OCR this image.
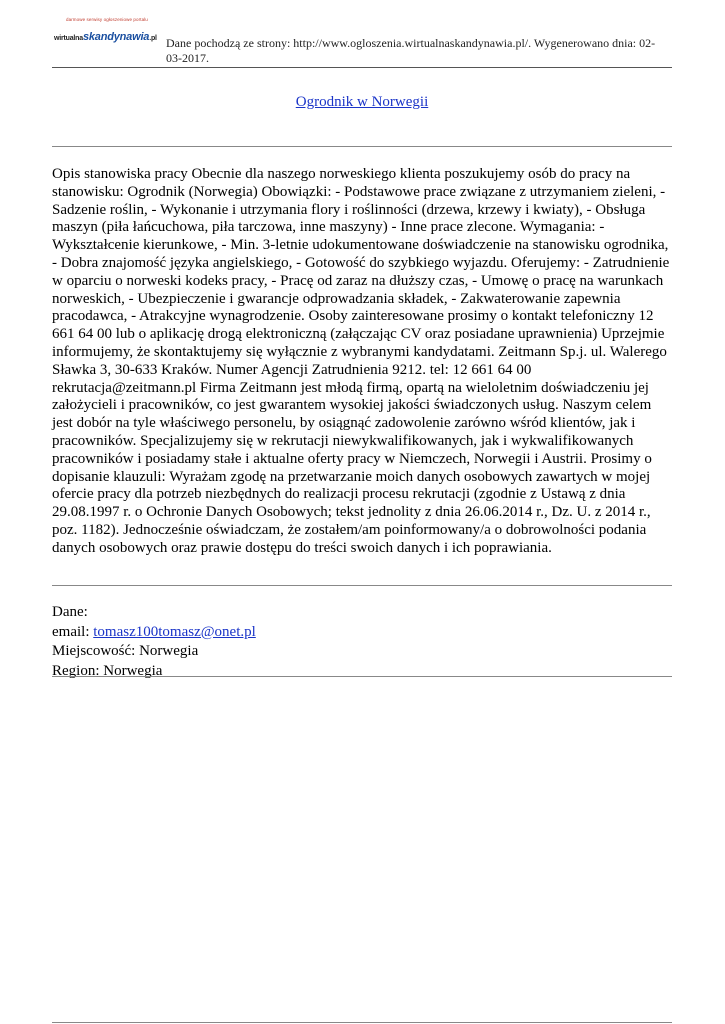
darmowe serwisy ogłoszeniowe portalu
wirtualnaskandynawia.pl Dane pochodzą ze strony: http://www.ogloszenia.wirtualnaskandynawia.pl/. Wygenerowano dnia: 02-03-2017.
Ogrodnik w Norwegii

Opis stanowiska pracy Obecnie dla naszego norweskiego klienta poszukujemy osób do pracy na stanowisku: Ogrodnik (Norwegia) Obowiązki: - Podstawowe prace związane z utrzymaniem zieleni, - Sadzenie roślin, - Wykonanie i utrzymania flory i roślinności (drzewa, krzewy i kwiaty), - Obsługa maszyn (piła łańcuchowa, piła tarczowa, inne maszyny) - Inne prace zlecone. Wymagania: - Wykształcenie kierunkowe, - Min. 3-letnie udokumentowane doświadczenie na stanowisku ogrodnika, - Dobra znajomość języka angielskiego, - Gotowość do szybkiego wyjazdu. Oferujemy: - Zatrudnienie w oparciu o norweski kodeks pracy, - Pracę od zaraz na dłuższy czas, - Umowę o pracę na warunkach norweskich, - Ubezpieczenie i gwarancje odprowadzania składek, - Zakwaterowanie zapewnia pracodawca, - Atrakcyjne wynagrodzenie. Osoby zainteresowane prosimy o kontakt telefoniczny 12 661 64 00 lub o aplikację drogą elektroniczną (załączając CV oraz posiadane uprawnienia) Uprzejmie informujemy, że skontaktujemy się wyłącznie z wybranymi kandydatami. Zeitmann Sp.j. ul. Walerego Sławka 3, 30-633 Kraków. Numer Agencji Zatrudnienia 9212. tel: 12 661 64 00 rekrutacja@zeitmann.pl Firma Zeitmann jest młodą firmą, opartą na wieloletnim doświadczeniu jej założycieli i pracowników, co jest gwarantem wysokiej jakości świadczonych usług. Naszym celem jest dobór na tyle właściwego personelu, by osiągnąć zadowolenie zarówno wśród klientów, jak i pracowników. Specjalizujemy się w rekrutacji niewykwalifikowanych, jak i wykwalifikowanych pracowników i posiadamy stałe i aktualne oferty pracy w Niemczech, Norwegii i Austrii. Prosimy o dopisanie klauzuli: Wyrażam zgodę na przetwarzanie moich danych osobowych zawartych w mojej ofercie pracy dla potrzeb niezbędnych do realizacji procesu rekrutacji (zgodnie z Ustawą z dnia 29.08.1997 r. o Ochronie Danych Osobowych; tekst jednolity z dnia 26.06.2014 r., Dz. U. z 2014 r., poz. 1182). Jednocześnie oświadczam, że zostałem/am poinformowany/a o dobrowolności podania danych osobowych oraz prawie dostępu do treści swoich danych i ich poprawiania.

Dane:
email: tomasz100tomasz@onet.pl
Miejscowość: Norwegia
Region: Norwegia
